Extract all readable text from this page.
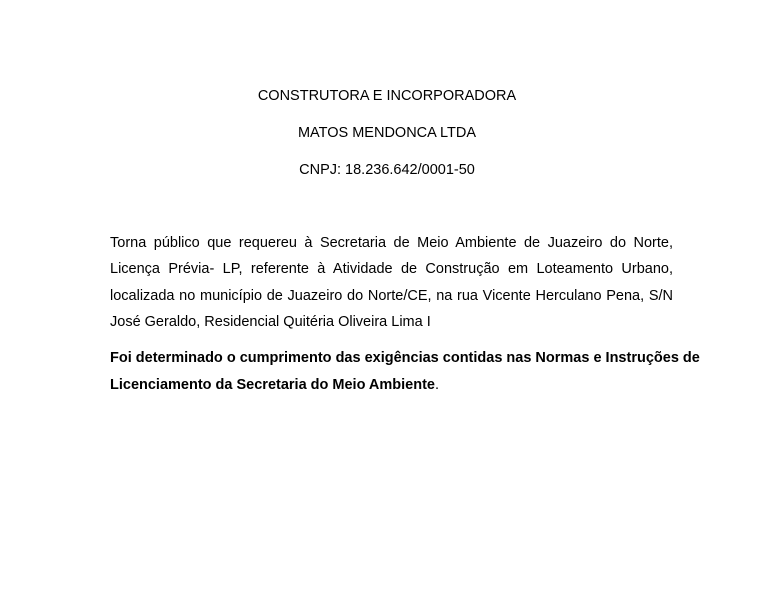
CONSTRUTORA E INCORPORADORA

MATOS MENDONCA LTDA

CNPJ: 18.236.642/0001-50

Torna público que requereu à Secretaria de Meio Ambiente de Juazeiro do Norte,

Licença Prévia- LP, referente à Atividade de Construção em Loteamento Urbano,

localizada no município de Juazeiro do Norte/CE, na rua Vicente Herculano Pena, S/N

José Geraldo, Residencial Quitéria Oliveira Lima I

Foi determinado o cumprimento das exigências contidas nas Normas e Instruções de

Licenciamento da Secretaria do Meio Ambiente.
